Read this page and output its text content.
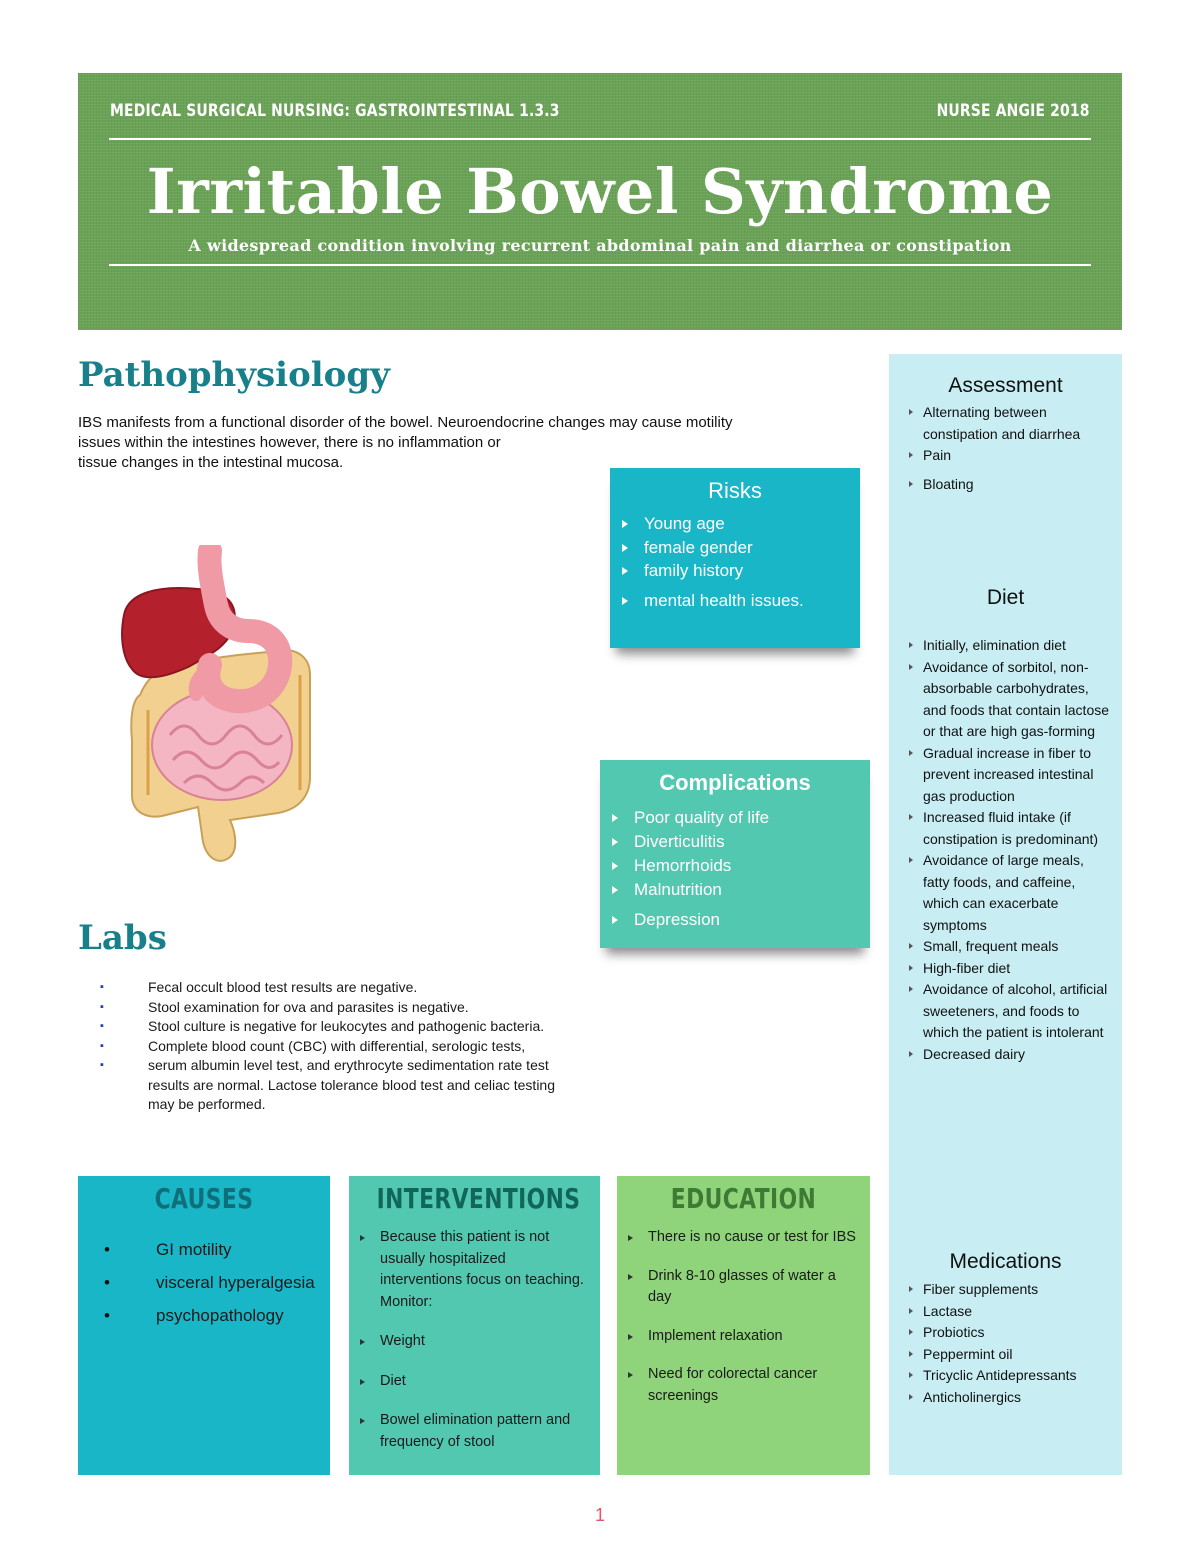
MEDICAL SURGICAL NURSING: GASTROINTESTINAL 1.3.3	NURSE ANGIE 2018
Irritable Bowel Syndrome
A widespread condition involving recurrent abdominal pain and diarrhea or constipation
Pathophysiology
IBS manifests from a functional disorder of the bowel. Neuroendocrine changes may cause motility
issues within the intestines however, there is no inflammation or
tissue changes in the intestinal mucosa.
Risks
Young age
female gender
family history
mental health issues.
Complications
Poor quality of life
Diverticulitis
Hemorrhoids
Malnutrition
Depression
Labs
▪ Fecal occult blood test results are negative.
▪ Stool examination for ova and parasites is negative.
▪ Stool culture is negative for leukocytes and pathogenic bacteria.
▪ Complete blood count (CBC) with differential, serologic tests,
▪ serum albumin level test, and erythrocyte sedimentation rate test results are normal. Lactose tolerance blood test and celiac testing may be performed.
CAUSES
• GI motility
• visceral hyperalgesia
• psychopathology
INTERVENTIONS
Because this patient is not usually hospitalized interventions focus on teaching. Monitor:
Weight
Diet
Bowel elimination pattern and frequency of stool
EDUCATION
There is no cause or test for IBS
Drink 8-10 glasses of water a day
Implement relaxation
Need for colorectal cancer screenings
Assessment
Alternating between constipation and diarrhea
Pain
Bloating
Diet
Initially, elimination diet
Avoidance of sorbitol, non-absorbable carbohydrates, and foods that contain lactose or that are high gas-forming
Gradual increase in fiber to prevent increased intestinal gas production
Increased fluid intake (if constipation is predominant)
Avoidance of large meals, fatty foods, and caffeine, which can exacerbate symptoms
Small, frequent meals
High-fiber diet
Avoidance of alcohol, artificial sweeteners, and foods to which the patient is intolerant
Decreased dairy
Medications
Fiber supplements
Lactase
Probiotics
Peppermint oil
Tricyclic Antidepressants
Anticholinergics
1
